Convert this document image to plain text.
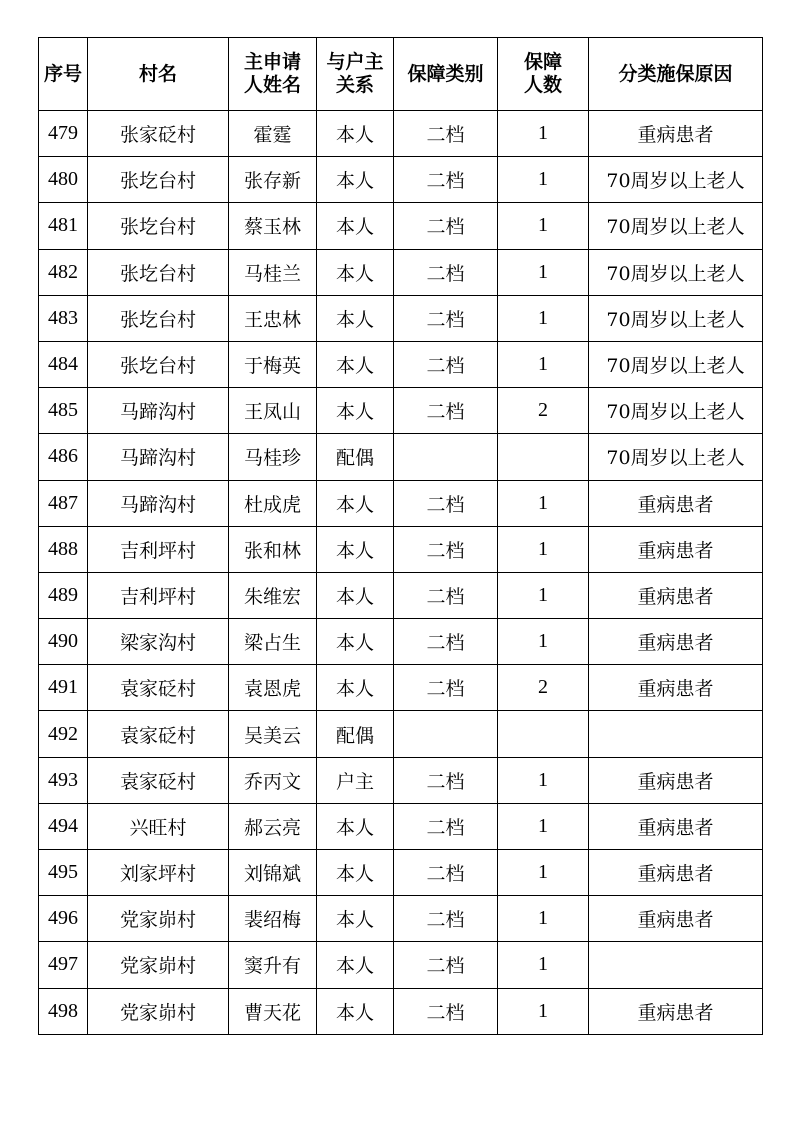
序号	村名	主申请人姓名	与户主关系	保障类别	保障人数	分类施保原因
479	张家砭村	霍霆	本人	二档	1	重病患者
480	张圪台村	张存新	本人	二档	1	70周岁以上老人
481	张圪台村	蔡玉林	本人	二档	1	70周岁以上老人
482	张圪台村	马桂兰	本人	二档	1	70周岁以上老人
483	张圪台村	王忠林	本人	二档	1	70周岁以上老人
484	张圪台村	于梅英	本人	二档	1	70周岁以上老人
485	马蹄沟村	王凤山	本人	二档	2	70周岁以上老人
486	马蹄沟村	马桂珍	配偶			70周岁以上老人
487	马蹄沟村	杜成虎	本人	二档	1	重病患者
488	吉利坪村	张和林	本人	二档	1	重病患者
489	吉利坪村	朱维宏	本人	二档	1	重病患者
490	梁家沟村	梁占生	本人	二档	1	重病患者
491	袁家砭村	袁恩虎	本人	二档	2	重病患者
492	袁家砭村	吴美云	配偶			
493	袁家砭村	乔丙文	户主	二档	1	重病患者
494	兴旺村	郝云亮	本人	二档	1	重病患者
495	刘家坪村	刘锦斌	本人	二档	1	重病患者
496	党家峁村	裴绍梅	本人	二档	1	重病患者
497	党家峁村	窦升有	本人	二档	1	
498	党家峁村	曹天花	本人	二档	1	重病患者
